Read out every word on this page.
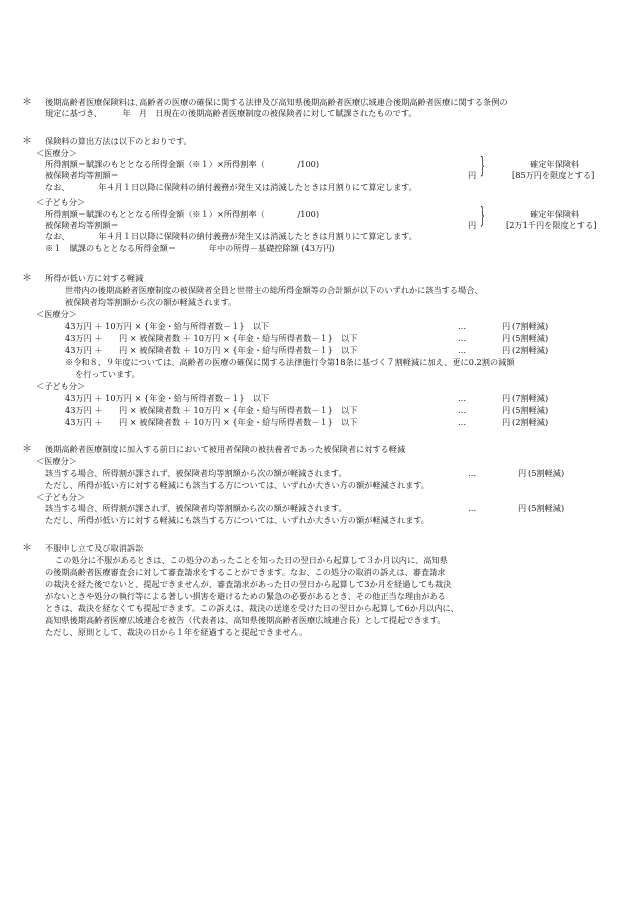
＊ 後期高齢者医療保険料は､高齢者の医療の確保に関する法律及び高知県後期高齢者医療広域連合後期高齢者医療に関する条例の
規定に基づき、　　　年　月　日現在の後期高齢者医療制度の被保険者に対して賦課されたものです。
＊ 保険料の算出方法は以下のとおりです。
＜医療分＞
所得割額＝賦課のもととなる所得金額（※１）×所得割率（　　　　/100)
被保険者均等割額＝	円 }	確定年保険料
[85万円を限度とする]
なお、　　　　年４月１日以降に保険料の納付義務が発生又は消滅したときは月割りにて算定します。
＜子ども分＞
所得割額＝賦課のもととなる所得金額（※１）×所得割率（　　　　/100)
被保険者均等割額＝	円 }	確定年保険料
[2万1千円を限度とする]
なお、　　　　年４月１日以降に保険料の納付義務が発生又は消滅したときは月割りにて算定します。
※１　賦課のもととなる所得金額＝　　　　年中の所得－基礎控除額 (43万円)
＊ 所得が低い方に対する軽減
世帯内の後期高齢者医療制度の被保険者全員と世帯主の総所得金額等の合計額が以下のいずれかに該当する場合、
被保険者均等割額から次の額が軽減されます。
＜医療分＞
43万円 ＋ 10万円 × {年金・給与所得者数－１}　以下	…	円 (7割軽減)
43万円 ＋　　円 × 被保険者数 ＋ 10万円 × {年金・給与所得者数－１}　以下	…	円 (5割軽減)
43万円 ＋　　円 × 被保険者数 ＋ 10万円 × {年金・給与所得者数－１}　以下	…	円 (2割軽減)
※令和８、９年度については、高齢者の医療の確保に関する法律施行令第18条に基づく７割軽減に加え、更に0.2割の減額
を行っています。
＜子ども分＞
43万円 ＋ 10万円 × {年金・給与所得者数－１}　以下	…	円 (7割軽減)
43万円 ＋　　円 × 被保険者数 ＋ 10万円 × {年金・給与所得者数－１}　以下	…	円 (5割軽減)
43万円 ＋　　円 × 被保険者数 ＋ 10万円 × {年金・給与所得者数－１}　以下	…	円 (2割軽減)
＊ 後期高齢者医療制度に加入する前日において被用者保険の被扶養者であった被保険者に対する軽減
＜医療分＞
該当する場合、所得割が課されず、被保険者均等割額から次の額が軽減されます。	…	円 (5割軽減)
ただし、所得が低い方に対する軽減にも該当する方については、いずれか大きい方の額が軽減されます。
＜子ども分＞
該当する場合、所得割が課されず、被保険者均等割額から次の額が軽減されます。	…	円 (5割軽減)
ただし、所得が低い方に対する軽減にも該当する方については、いずれか大きい方の額が軽減されます。
＊ 不服申し立て及び取消訴訟
この処分に不服があるときは、この処分のあったことを知った日の翌日から起算して３か月以内に、高知県
の後期高齢者医療審査会に対して審査請求をすることができます。なお、この処分の取消の訴えは、審査請求
の裁決を経た後でないと、提起できませんが、審査請求があった日の翌日から起算して3か月を経過しても裁決
がないときや処分の執行等による著しい損害を避けるための緊急の必要があるとき、その他正当な理由がある
ときは、裁決を経なくても提起できます。この訴えは、裁決の送達を受けた日の翌日から起算して6か月以内に、
高知県後期高齢者医療広域連合を被告（代表者は、高知県後期高齢者医療広域連合長）として提起できます。
ただし、原則として、裁決の日から１年を経過すると提起できません。
